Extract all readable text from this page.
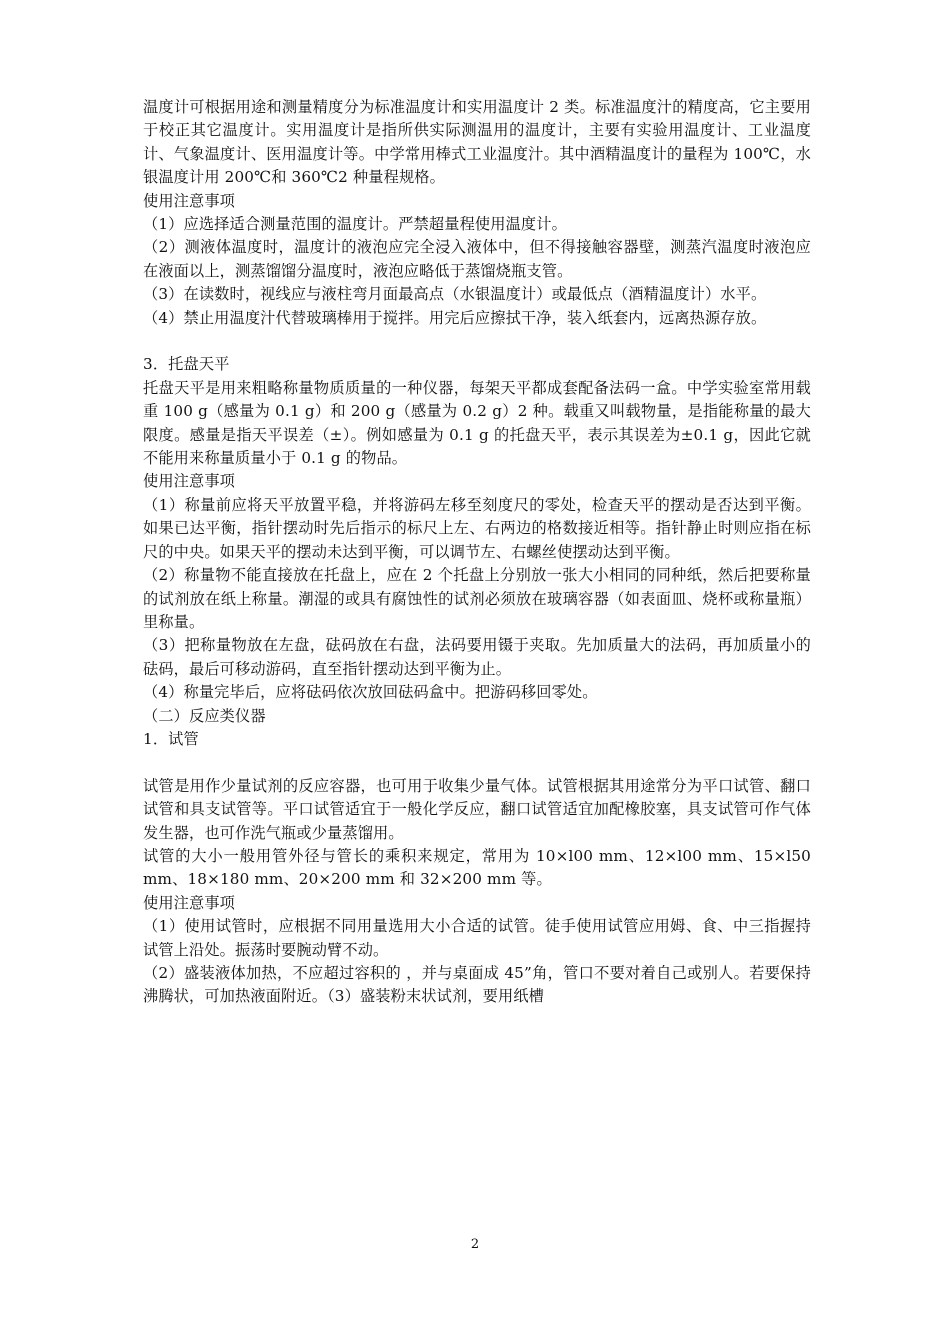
温度计可根据用途和测量精度分为标准温度计和实用温度计 2 类。标准温度汁的精度高，它主要用于校正其它温度计。实用温度计是指所供实际测温用的温度计，主要有实验用温度计、工业温度计、气象温度计、医用温度计等。中学常用棒式工业温度汁。其中酒精温度计的量程为 100℃，水银温度计用 200℃和 360℃2 种量程规格。

使用注意事项

（1）应选择适合测量范围的温度计。严禁超量程使用温度计。

（2）测液体温度时，温度计的液泡应完全浸入液体中，但不得接触容器壁，测蒸汽温度时液泡应在液面以上，测蒸馏馏分温度时，液泡应略低于蒸馏烧瓶支管。

（3）在读数时，视线应与液柱弯月面最高点（水银温度计）或最低点（酒精温度计）水平。

（4）禁止用温度汁代替玻璃棒用于搅拌。用完后应擦拭干净，装入纸套内，远离热源存放。

3．托盘天平

托盘天平是用来粗略称量物质质量的一种仪器，每架天平都成套配备法码一盒。中学实验室常用载重 100 g（感量为 0.1 g）和 200 g（感量为 0.2 g）2 种。载重又叫载物量，是指能称量的最大限度。感量是指天平误差（±）。例如感量为 0.1 g 的托盘天平，表示其误差为±0.1 g，因此它就不能用来称量质量小于 0.1 g 的物品。

使用注意事项

（1）称量前应将天平放置平稳，并将游码左移至刻度尺的零处，检查天平的摆动是否达到平衡。如果已达平衡，指针摆动时先后指示的标尺上左、右两边的格数接近相等。指针静止时则应指在标尺的中央。如果天平的摆动未达到平衡，可以调节左、右螺丝使摆动达到平衡。

（2）称量物不能直接放在托盘上，应在 2 个托盘上分别放一张大小相同的同种纸，然后把要称量的试剂放在纸上称量。潮湿的或具有腐蚀性的试剂必须放在玻璃容器（如表面皿、烧杯或称量瓶）里称量。

（3）把称量物放在左盘，砝码放在右盘，法码要用镊于夹取。先加质量大的法码，再加质量小的砝码，最后可移动游码，直至指针摆动达到平衡为止。

（4）称量完毕后，应将砝码依次放回砝码盒中。把游码移回零处。

（二）反应类仪器

1．试管

试管是用作少量试剂的反应容器，也可用于收集少量气体。试管根据其用途常分为平口试管、翻口试管和具支试管等。平口试管适宜于一般化学反应，翻口试管适宜加配橡胶塞，具支试管可作气体发生器，也可作洗气瓶或少量蒸馏用。

试管的大小一般用管外径与管长的乘积来规定，常用为 10×l00 mm、12×l00 mm、15×l50 mm、18×180 mm、20×200 mm 和 32×200 mm 等。

使用注意事项

（1）使用试管时，应根据不同用量选用大小合适的试管。徒手使用试管应用姆、食、中三指握持试管上沿处。振荡时要腕动臂不动。

（2）盛装液体加热，不应超过容积的 ，并与桌面成 45”角，管口不要对着自己或别人。若要保持沸腾状，可加热液面附近。（3）盛装粉末状试剂，要用纸槽

2
